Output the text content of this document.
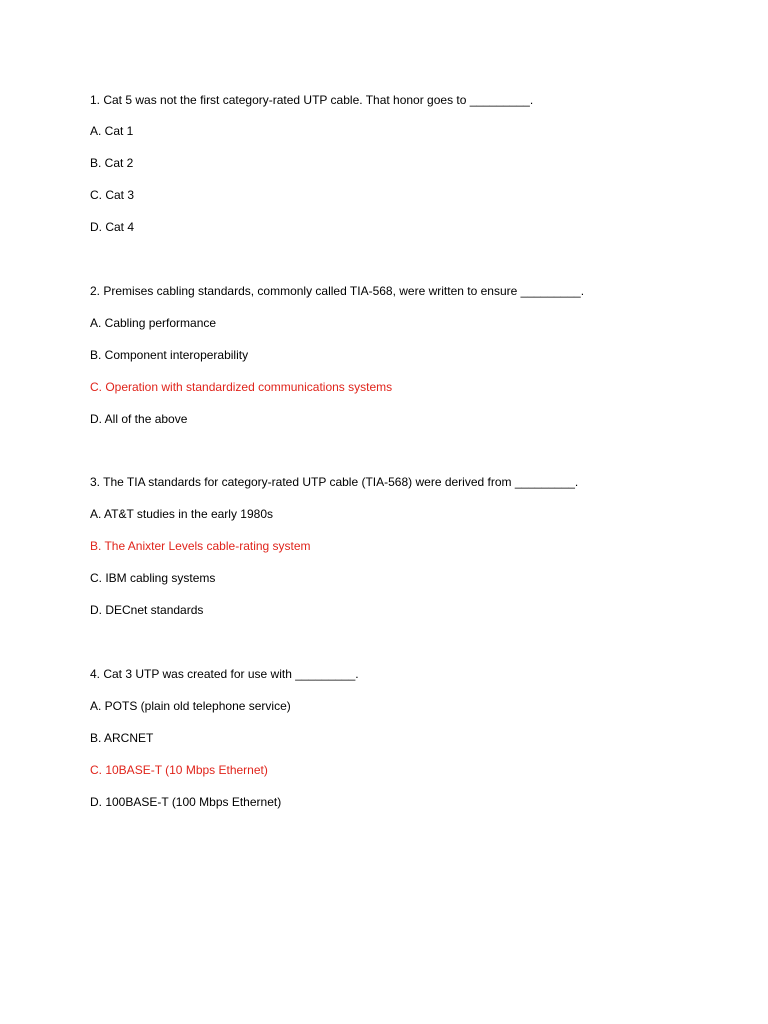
1. Cat 5 was not the first category-rated UTP cable. That honor goes to _________.
A. Cat 1
B. Cat 2
C. Cat 3
D. Cat 4
2. Premises cabling standards, commonly called TIA-568, were written to ensure _________.
A. Cabling performance
B. Component interoperability
C. Operation with standardized communications systems
D. All of the above
3. The TIA standards for category-rated UTP cable (TIA-568) were derived from _________.
A. AT&T studies in the early 1980s
B. The Anixter Levels cable-rating system
C. IBM cabling systems
D. DECnet standards
4. Cat 3 UTP was created for use with _________.
A. POTS (plain old telephone service)
B. ARCNET
C. 10BASE-T (10 Mbps Ethernet)
D. 100BASE-T (100 Mbps Ethernet)
